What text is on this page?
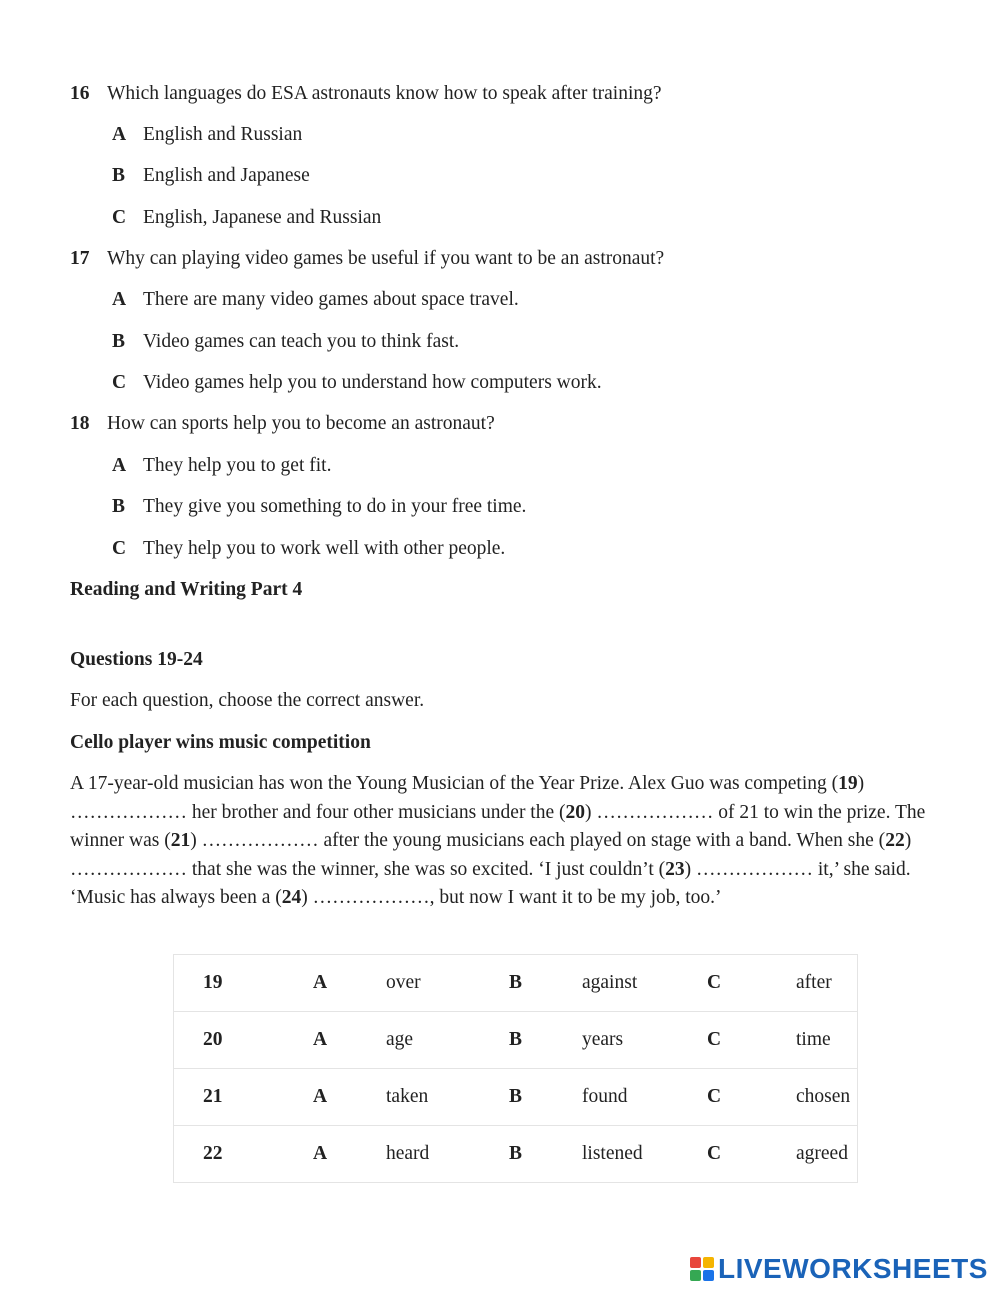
16 Which languages do ESA astronauts know how to speak after training?
A English and Russian
B English and Japanese
C English, Japanese and Russian
17 Why can playing video games be useful if you want to be an astronaut?
A There are many video games about space travel.
B Video games can teach you to think fast.
C Video games help you to understand how computers work.
18 How can sports help you to become an astronaut?
A They help you to get fit.
B They give you something to do in your free time.
C They help you to work well with other people.
Reading and Writing Part 4
Questions 19-24
For each question, choose the correct answer.
Cello player wins music competition
A 17-year-old musician has won the Young Musician of the Year Prize. Alex Guo was competing (19) ……………… her brother and four other musicians under the (20) ……………… of 21 to win the prize. The winner was (21) ……………… after the young musicians each played on stage with a band. When she (22) ……………… that she was the winner, she was so excited. ‘I just couldn’t (23) ……………… it,’ she said. ‘Music has always been a (24) ………………, but now I want it to be my job, too.’
19	A	over	B	against	C	after
20	A	age	B	years	C	time
21	A	taken	B	found	C	chosen
22	A	heard	B	listened	C	agreed
LIVEWORKSHEETS
